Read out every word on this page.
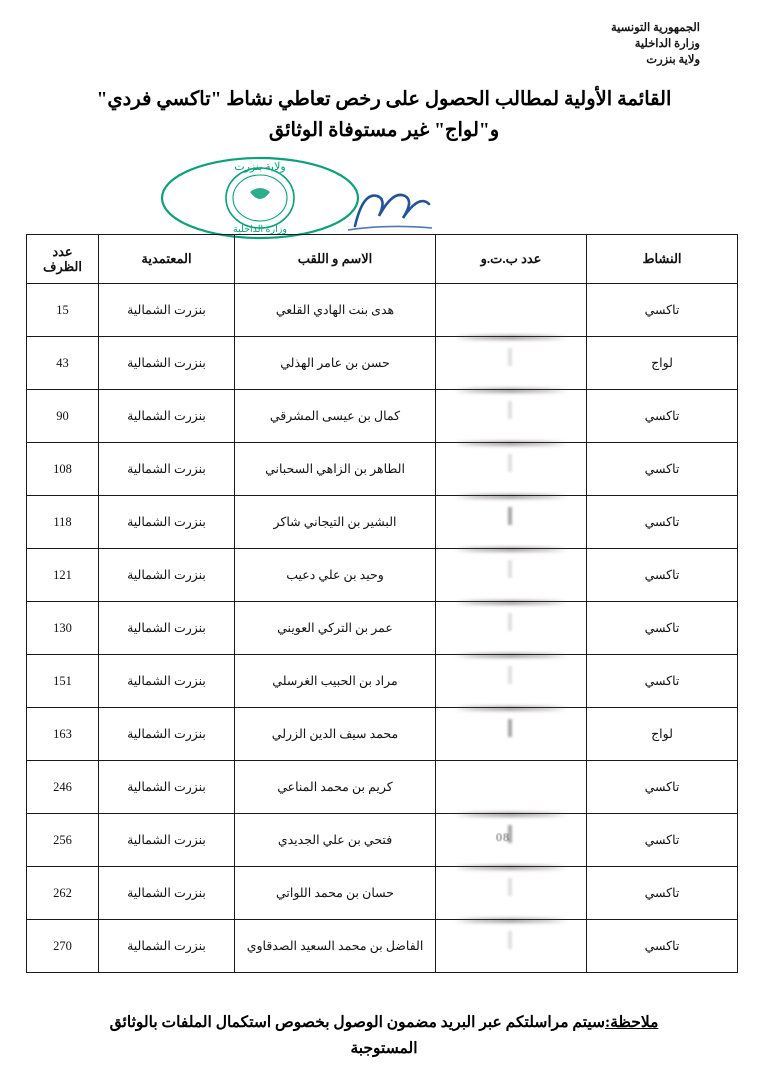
الجمهورية التونسية
وزارة الداخلية
ولاية بنزرت
القائمة الأولية لمطالب الحصول على رخص تعاطي نشاط "تاكسي فردي"
و"لواج" غير مستوفاة الوثائق
ولاية بنزرت
وزارة الداخلية
النشاط	عدد ب.ت.و	الاسم و اللقب	المعتمدية	عدد
الظرف

تاكسي		هدى بنت الهادي القلعي	بنزرت الشمالية	15
لواج		حسن بن عامر الهذلي	بنزرت الشمالية	43
تاكسي		كمال بن عيسى المشرقي	بنزرت الشمالية	90
تاكسي		الطاهر بن الزاهي السحباني	بنزرت الشمالية	108
تاكسي		البشير بن التيجاني شاكر	بنزرت الشمالية	118
تاكسي		وحيد بن علي دعيب	بنزرت الشمالية	121
تاكسي		عمر بن التركي العويني	بنزرت الشمالية	130
تاكسي		مراد بن الحبيب الغرسلي	بنزرت الشمالية	151
لواج		محمد سيف الدين الزرلي	بنزرت الشمالية	163
تاكسي		كريم بن محمد المناعي	بنزرت الشمالية	246
تاكسي	08	فتحي بن علي الجديدي	بنزرت الشمالية	256
تاكسي		حسان بن محمد اللواتي	بنزرت الشمالية	262
تاكسي		الفاضل بن محمد السعيد الصدقاوي	بنزرت الشمالية	270
ملاحظة:سيتم مراسلتكم عبر البريد مضمون الوصول بخصوص استكمال الملفات بالوثائق
المستوجبة
